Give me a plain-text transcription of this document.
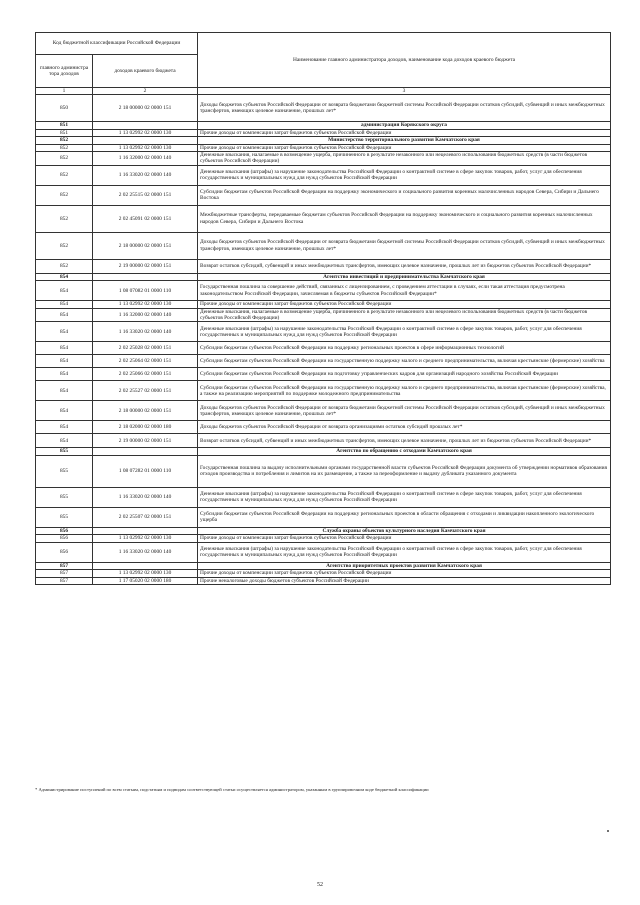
Код бюджетной классификации Российской Федерации		Наименование главного администратора доходов, наименование кода доходов краевого бюджета
главного администра тора доходов	доходов краевого бюджета	
1	2	3
850	2 18 00000 02 0000 151	Доходы бюджетов субъектов Российской Федерации от возврата бюджетами бюджетной системы Российской Федерации остатков субсидий, субвенций и иных межбюджетных трансфертов, имеющих целевое назначение, прошлых лет*
851		администрация Корякского округа
851	1 13 02992 02 0000 130	Прочие доходы от компенсации затрат бюджетов субъектов Российской Федерации
852		Министерство территориального развития Камчатского края
852	1 13 02992 02 0000 130	Прочие доходы от компенсации затрат бюджетов субъектов Российской Федерации
852	1 16 32000 02 0000 140	Денежные взыскания, налагаемые в возмещение ущерба, причиненного в результате незаконного или нецелевого использования бюджетных средств (в части бюджетов субъектов Российской Федерации)
852	1 16 33020 02 0000 140	Денежные взыскания (штрафы) за нарушение законодательства Российской Федерации о контрактной системе в сфере закупок товаров, работ, услуг для обеспечения государственных и муниципальных нужд для нужд субъектов Российской Федерации
852	2 02 25515 02 0000 151	Субсидии бюджетам субъектов Российской Федерации на поддержку экономического и социального развития коренных малочисленных народов Севера, Сибири и Дальнего Востока
852	2 02 45091 02 0000 151	Межбюджетные трансферты, передаваемые бюджетам субъектов Российской Федерации на поддержку экономического и социального развития коренных малочисленных народов Севера, Сибири и Дальнего Востока
852	2 18 00000 02 0000 151	Доходы бюджетов субъектов Российской Федерации от возврата бюджетами бюджетной системы Российской Федерации остатков субсидий, субвенций и иных межбюджетных трансфертов, имеющих целевое назначение, прошлых лет*
852	2 19 00000 02 0000 151	Возврат остатков субсидий, субвенций и иных межбюджетных трансфертов, имеющих целевое назначение, прошлых лет из бюджетов субъектов Российской Федерации*
854		Агентство инвестиций и предпринимательства Камчатского края
854	1 08 07082 01 0000 110	Государственная пошлина за совершение действий, связанных с лицензированием, с проведением аттестации в случаях, если такая аттестация предусмотрена законодательством Российской Федерации, зачисляемая в бюджеты субъектов Российской Федерации*
854	1 13 02992 02 0000 130	Прочие доходы от компенсации затрат бюджетов субъектов Российской Федерации
854	1 16 32000 02 0000 140	Денежные взыскания, налагаемые в возмещение ущерба, причиненного в результате незаконного или нецелевого использования бюджетных средств (в части бюджетов субъектов Российской Федерации)
854	1 16 33020 02 0000 140	Денежные взыскания (штрафы) за нарушение законодательства Российской Федерации о контрактной системе в сфере закупок товаров, работ, услуг для обеспечения государственных и муниципальных нужд для нужд субъектов Российской Федерации
854	2 02 25028 02 0000 151	Субсидии бюджетам субъектов Российской Федерации на поддержку региональных проектов в сфере информационных технологий
854	2 02 25064 02 0000 151	Субсидии бюджетам субъектов Российской Федерации на государственную поддержку малого и среднего предпринимательства, включая крестьянские (фермерские) хозяйства
854	2 02 25066 02 0000 151	Субсидии бюджетам субъектов Российской Федерации на подготовку управленческих кадров для организаций народного хозяйства Российской Федерации
854	2 02 25527 02 0000 151	Субсидии бюджетам субъектов Российской Федерации на государственную поддержку малого и среднего предпринимательства, включая крестьянские (фермерские) хозяйства, а также на реализацию мероприятий по поддержке молодежного предпринимательства
854	2 18 00000 02 0000 151	Доходы бюджетов субъектов Российской Федерации от возврата бюджетами бюджетной системы Российской Федерации остатков субсидий, субвенций и иных межбюджетных трансфертов, имеющих целевое назначение, прошлых лет*
854	2 18 02000 02 0000 180	Доходы бюджетов субъектов Российской Федерации от возврата организациями остатков субсидий прошлых лет*
854	2 19 00000 02 0000 151	Возврат остатков субсидий, субвенций и иных межбюджетных трансфертов, имеющих целевое назначение, прошлых лет из бюджетов субъектов Российской Федерации*
855		Агентство по обращению с отходами Камчатского края
855	1 08 07282 01 0000 110	Государственная пошлина за выдачу исполнительными органами государственной власти субъектов Российской Федерации документа об утверждении нормативов образования отходов производства и потребления и лимитов на их размещение, а также за переоформление и выдачу дубликата указанного документа
855	1 16 33020 02 0000 140	Денежные взыскания (штрафы) за нарушение законодательства Российской Федерации о контрактной системе в сфере закупок товаров, работ, услуг для обеспечения государственных и муниципальных нужд для нужд субъектов Российской Федерации
855	2 02 25507 02 0000 151	Субсидии бюджетам субъектов Российской Федерации на поддержку региональных проектов в области обращения с отходами и ликвидации накопленного экологического ущерба
856		Служба охраны объектов культурного наследия Камчатского края
856	1 13 02992 02 0000 130	Прочие доходы от компенсации затрат бюджетов субъектов Российской Федерации
856	1 16 33020 02 0000 140	Денежные взыскания (штрафы) за нарушение законодательства Российской Федерации о контрактной системе в сфере закупок товаров, работ, услуг для обеспечения государственных и муниципальных нужд для нужд субъектов Российской Федерации
857		Агентство приоритетных проектов развития Камчатского края
857	1 13 02992 02 0000 130	Прочие доходы от компенсации затрат бюджетов субъектов Российской Федерации
857	1 17 05020 02 0000 180	Прочие неналоговые доходы бюджетов субъектов Российской Федерации
* Администрирование поступлений по всем статьям, подстатьям и подвидам соответствующей статьи осуществляется администратором, указанным в группировочном коде бюджетной классификации
52
